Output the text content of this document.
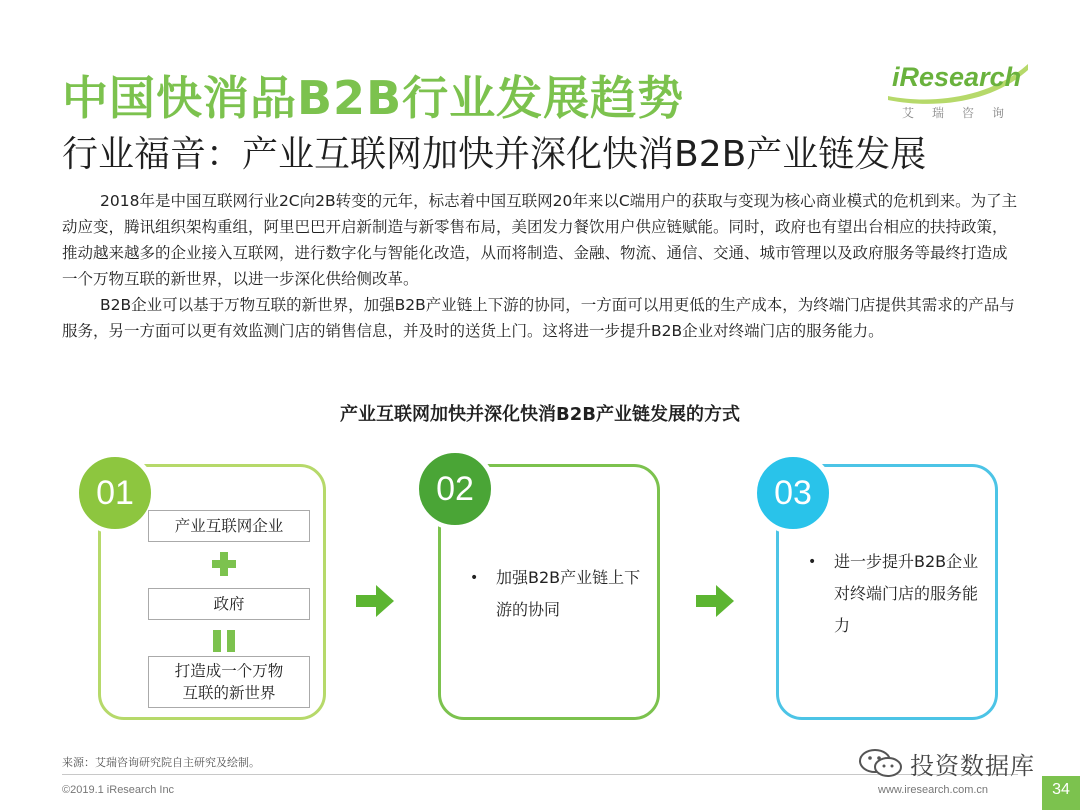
中国快消品B2B行业发展趋势
行业福音：产业互联网加快并深化快消B2B产业链发展
iResearch
艾瑞咨询

2018年是中国互联网行业2C向2B转变的元年，标志着中国互联网20年来以C端用户的获取与变现为核心商业模式的危机到来。为了主动应变，腾讯组织架构重组，阿里巴巴开启新制造与新零售布局，美团发力餐饮用户供应链赋能。同时，政府也有望出台相应的扶持政策，推动越来越多的企业接入互联网，进行数字化与智能化改造，从而将制造、金融、物流、通信、交通、城市管理以及政府服务等最终打造成一个万物互联的新世界，以进一步深化供给侧改革。

B2B企业可以基于万物互联的新世界，加强B2B产业链上下游的协同，一方面可以用更低的生产成本，为终端门店提供其需求的产品与服务，另一方面可以更有效监测门店的销售信息，并及时的送货上门。这将进一步提升B2B企业对终端门店的服务能力。

产业互联网加快并深化快消B2B产业链发展的方式
01
产业互联网企业
政府
打造成一个万物
互联的新世界
02
•	加强B2B产业链上下游的协同
03
•	进一步提升B2B企业对终端门店的服务能力
来源：艾瑞咨询研究院自主研究及绘制。
©2019.1 iResearch Inc	www.iresearch.com.cn	34
投资数据库
